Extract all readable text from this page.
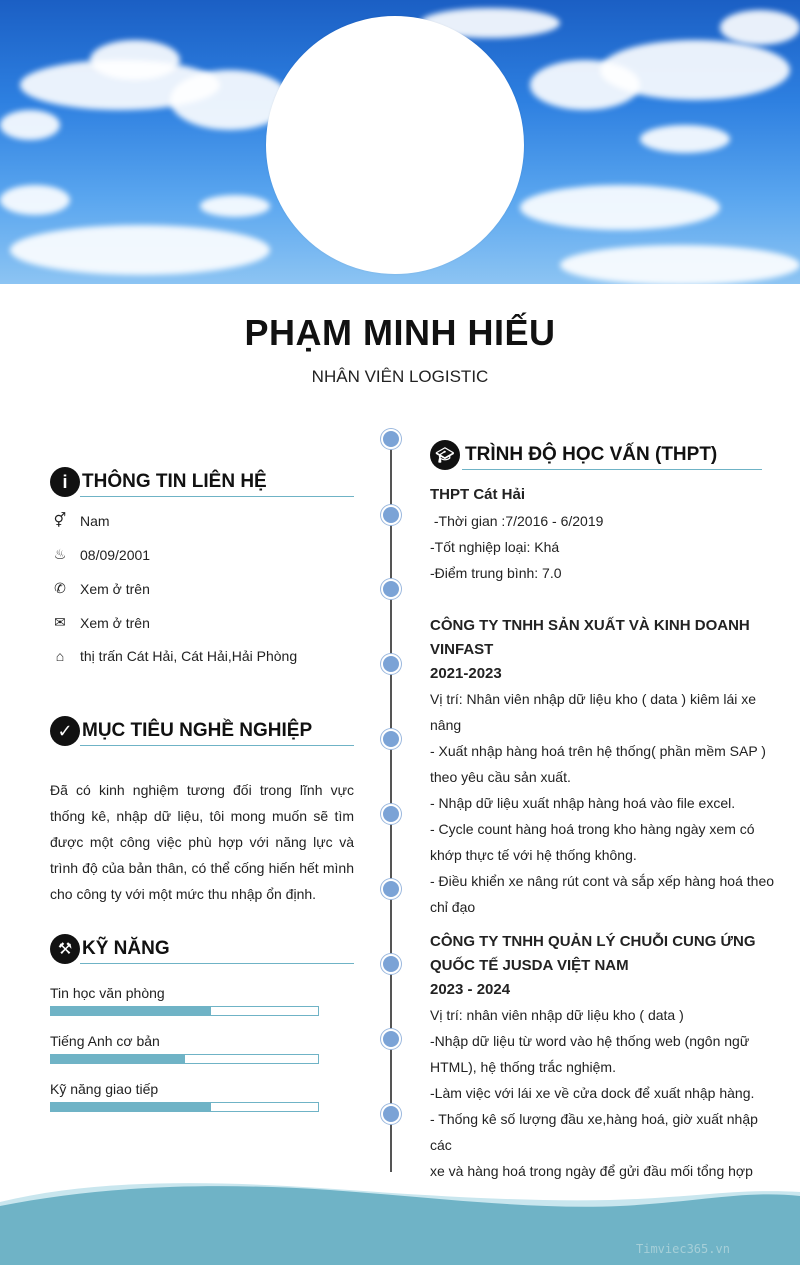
PHẠM MINH HIẾU
NHÂN VIÊN LOGISTIC
i THÔNG TIN LIÊN HỆ
⚥ Nam
♨ 08/09/2001
✆ Xem ở trên
✉ Xem ở trên
⌂	thị trấn Cát Hải, Cát Hải,Hải Phòng
✓ MỤC TIÊU NGHỀ NGHIỆP
Đã có kinh nghiệm tương đối trong lĩnh vực thống kê, nhập dữ liệu, tôi mong muốn sẽ tìm được một công việc phù hợp với năng lực và trình độ của bản thân, có thể cống hiến hết mình cho công ty với một mức thu nhập ổn định.
⚒ KỸ NĂNG
Tin học văn phòng
Tiếng Anh cơ bản
Kỹ năng giao tiếp
🎓︎ TRÌNH ĐỘ HỌC VẤN (THPT)
THPT Cát Hải
-Thời gian :7/2016 - 6/2019
-Tốt nghiệp loại: Khá
-Điểm trung bình: 7.0
CÔNG TY TNHH SẢN XUẤT VÀ KINH DOANH
VINFAST
2021-2023
Vị trí: Nhân viên nhập dữ liệu kho ( data ) kiêm lái xe
nâng
- Xuất nhập hàng hoá trên hệ thống( phần mềm SAP )
theo yêu cầu sản xuất.
- Nhập dữ liệu xuất nhập hàng hoá vào file excel.
- Cycle count hàng hoá trong kho hàng ngày xem có
khớp thực tế với hệ thống không.
- Điều khiển xe nâng rút cont và sắp xếp hàng hoá theo
chỉ đạo
CÔNG TY TNHH QUẢN LÝ CHUỖI CUNG ỨNG
QUỐC TẾ JUSDA VIỆT NAM
2023 - 2024
Vị trí: nhân viên nhập dữ liệu kho ( data )
-Nhập dữ liệu từ word vào hệ thống web (ngôn ngữ
HTML), hệ thống trắc nghiệm.
-Làm việc với lái xe về cửa dock để xuất nhập hàng.
- Thống kê số lượng đầu xe,hàng hoá, giờ xuất nhập các
xe và hàng hoá trong ngày để gửi đầu mối tổng hợp
Timviec365.vn
